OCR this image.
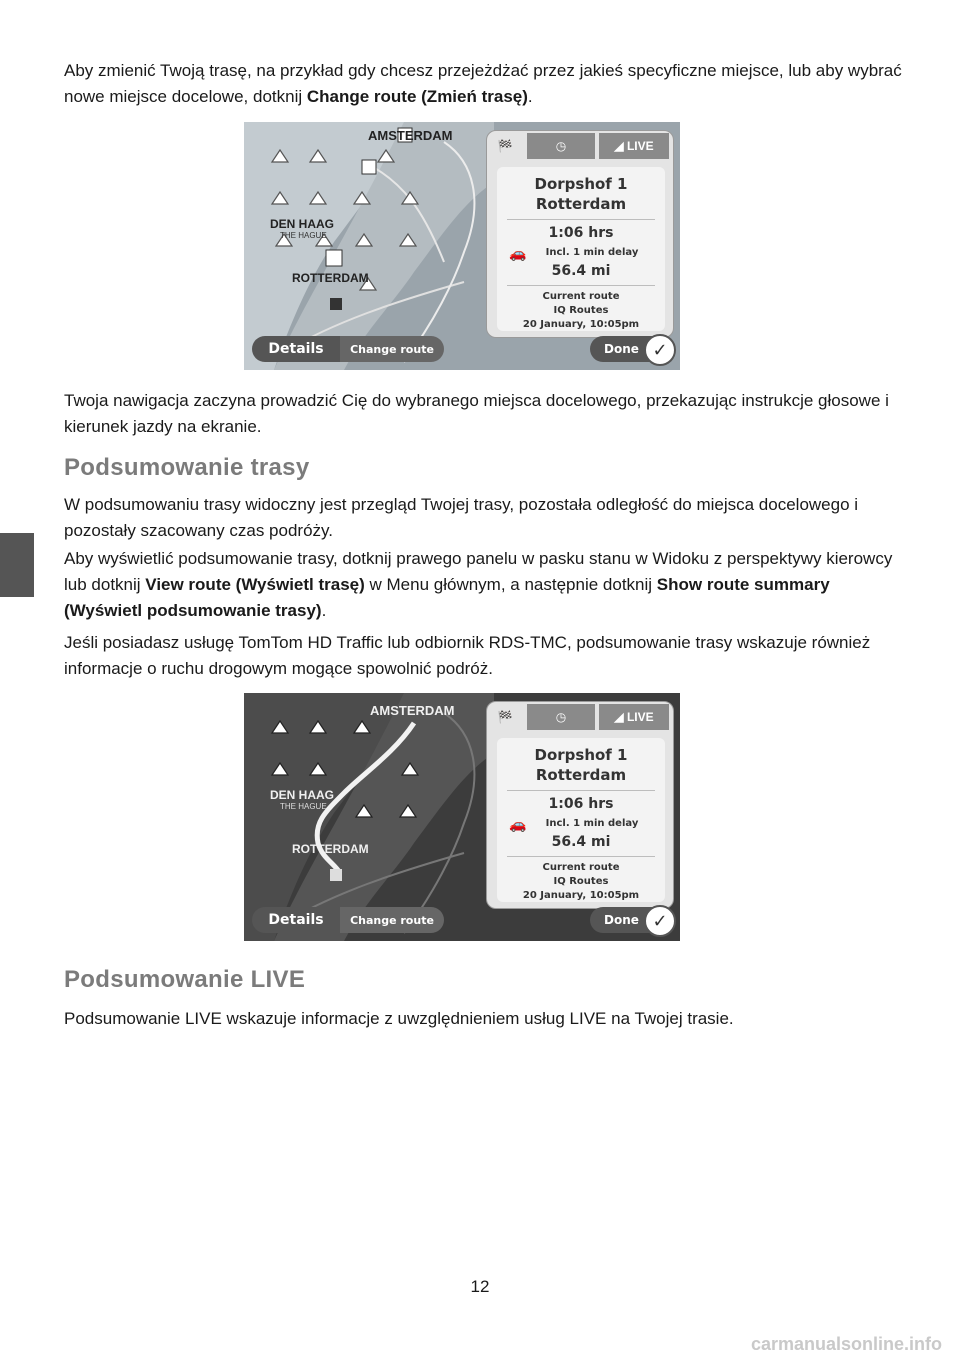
Aby zmienić Twoją trasę, na przykład gdy chcesz przejeżdżać przez jakieś specyficzne miejsce, lub aby wybrać nowe miejsce docelowe, dotknij Change route (Zmień trasę).

AMSTERDAM
DEN HAAG
THE HAGUE
ROTTERDAM
🏁	◷	◢
LIVE
Dorpshof 1
Rotterdam
1:06 hrs
🚗	Incl. 1 min delay
56.4 mi
Current route
IQ Routes
20 January, 10:05pm
Details	Change route	Done ✓

Twoja nawigacja zaczyna prowadzić Cię do wybranego miejsca docelowego, przekazując instrukcje głosowe i kierunek jazdy na ekranie.

Podsumowanie trasy

W podsumowaniu trasy widoczny jest przegląd Twojej trasy, pozostała odległość do miejsca docelowego i pozostały szacowany czas podróży.

Aby wyświetlić podsumowanie trasy, dotknij prawego panelu w pasku stanu w Widoku z perspektywy kierowcy lub dotknij View route (Wyświetl trasę) w Menu głównym, a następnie dotknij Show route summary (Wyświetl podsumowanie trasy).

Jeśli posiadasz usługę TomTom HD Traffic lub odbiornik RDS-TMC, podsumowanie trasy wskazuje również informacje o ruchu drogowym mogące spowolnić podróż.

AMSTERDAM
DEN HAAG
THE HAGUE
ROTTERDAM
🏁	◷	◢
LIVE
Dorpshof 1
Rotterdam
1:06 hrs
🚗	Incl. 1 min delay
56.4 mi
Current route
IQ Routes
20 January, 10:05pm
Details	Change route	Done ✓
Podsumowanie LIVE

Podsumowanie LIVE wskazuje informacje z uwzględnieniem usług LIVE na Twojej trasie.

12
carmanualsonline.info
